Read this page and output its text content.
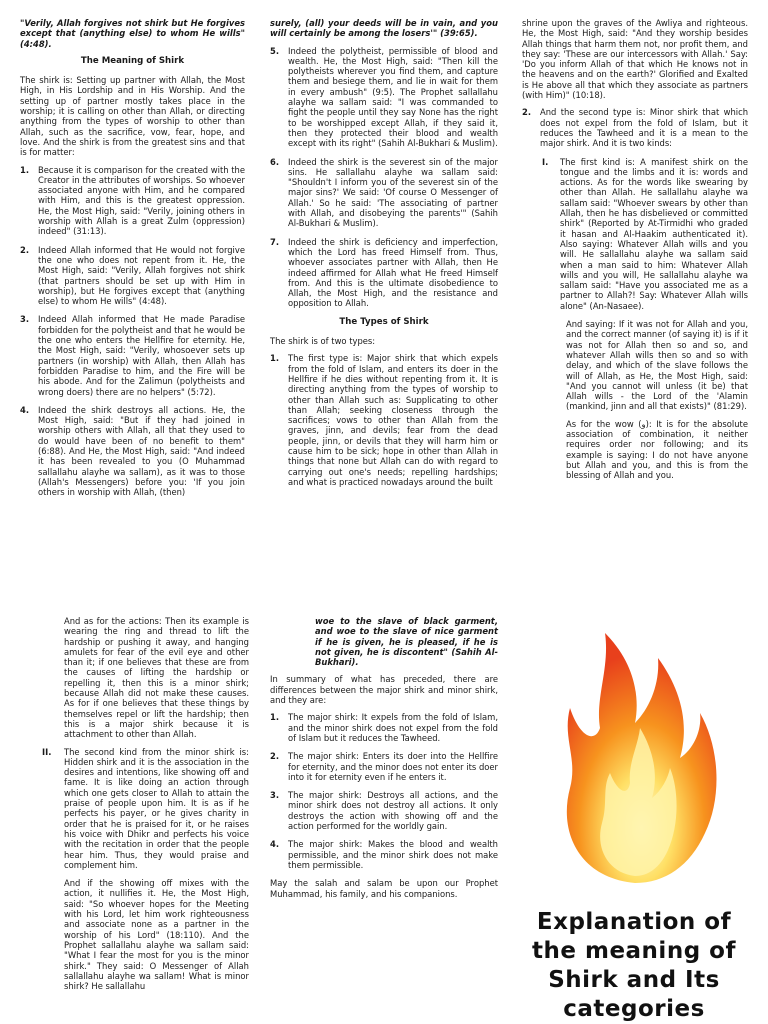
"Verily, Allah forgives not shirk but He forgives except that (anything else) to whom He wills" (4:48).

The Meaning of Shirk

The shirk is: Setting up partner with Allah, the Most High, in His Lordship and in His Worship. And the setting up of partner mostly takes place in the worship; it is calling on other than Allah, or directing anything from the types of worship to other than Allah, such as the sacrifice, vow, fear, hope, and love. And the shirk is from the greatest sins and that is for matter:

1.	Because it is comparison for the created with the Creator in the attributes of worships. So whoever associated anyone with Him, and he compared with Him, and this is the greatest oppression. He, the Most High, said: "Verily, joining others in worship with Allah is a great Zulm (oppression) indeed" (31:13).
2.	Indeed Allah informed that He would not forgive the one who does not repent from it. He, the Most High, said: "Verily, Allah forgives not shirk (that partners should be set up with Him in worship), but He forgives except that (anything else) to whom He wills" (4:48).
3.	Indeed Allah informed that He made Paradise forbidden for the polytheist and that he would be the one who enters the Hellfire for eternity. He, the Most High, said: "Verily, whosoever sets up partners (in worship) with Allah, then Allah has forbidden Paradise to him, and the Fire will be his abode. And for the Zalimun (polytheists and wrong doers) there are no helpers" (5:72).
4.	Indeed the shirk destroys all actions. He, the Most High, said: "But if they had joined in worship others with Allah, all that they used to do would have been of no benefit to them" (6:88). And He, the Most High, said: "And indeed it has been revealed to you (O Muhammad sallallahu alayhe wa sallam), as it was to those (Allah's Messengers) before you: 'If you join others in worship with Allah, (then)

surely, (all) your deeds will be in vain, and you will certainly be among the losers'" (39:65).

5.	Indeed the polytheist, permissible of blood and wealth. He, the Most High, said: "Then kill the polytheists wherever you find them, and capture them and besiege them, and lie in wait for them in every ambush" (9:5). The Prophet sallallahu alayhe wa sallam said: "I was commanded to fight the people until they say None has the right to be worshipped except Allah, if they said it, then they protected their blood and wealth except with its right" (Sahih Al-Bukhari & Muslim).
6.	Indeed the shirk is the severest sin of the major sins. He sallallahu alayhe wa sallam said: "Shouldn't I inform you of the severest sin of the major sins?' We said: 'Of course O Messenger of Allah.' So he said: 'The associating of partner with Allah, and disobeying the parents'" (Sahih Al-Bukhari & Muslim).
7.	Indeed the shirk is deficiency and imperfection, which the Lord has freed Himself from. Thus, whoever associates partner with Allah, then He indeed affirmed for Allah what He freed Himself from. And this is the ultimate disobedience to Allah, the Most High, and the resistance and opposition to Allah.
The Types of Shirk

The shirk is of two types:

1.	The first type is: Major shirk that which expels from the fold of Islam, and enters its doer in the Hellfire if he dies without repenting from it. It is directing anything from the types of worship to other than Allah such as: Supplicating to other than Allah; seeking closeness through the sacrifices; vows to other than Allah from the graves, jinn, and devils; fear from the dead people, jinn, or devils that they will harm him or cause him to be sick; hope in other than Allah in things that none but Allah can do with regard to carrying out one's needs; repelling hardships; and what is practiced nowadays around the built

shrine upon the graves of the Awliya and righteous. He, the Most High, said: "And they worship besides Allah things that harm them not, nor profit them, and they say: 'These are our intercessors with Allah.' Say: 'Do you inform Allah of that which He knows not in the heavens and on the earth?' Glorified and Exalted is He above all that which they associate as partners (with Him)" (10:18).

2.	And the second type is: Minor shirk that which does not expel from the fold of Islam, but it reduces the Tawheed and it is a mean to the major shirk. And it is two kinds:
I.	The first kind is: A manifest shirk on the tongue and the limbs and it is: words and actions. As for the words like swearing by other than Allah. He sallallahu alayhe wa sallam said: "Whoever swears by other than Allah, then he has disbelieved or committed shirk" (Reported by At-Tirmidhi who graded it hasan and Al-Haakim authenticated it). Also saying: Whatever Allah wills and you will. He sallallahu alayhe wa sallam said when a man said to him: Whatever Allah wills and you will, He sallallahu alayhe wa sallam said: "Have you associated me as a partner to Allah?! Say: Whatever Allah wills alone" (An-Nasaee).

And saying: If it was not for Allah and you, and the correct manner (of saying it) is if it was not for Allah then so and so, and whatever Allah wills then so and so with delay, and which of the slave follows the will of Allah, as He, the Most High, said: "And you cannot will unless (it be) that Allah wills - the Lord of the 'Alamin (mankind, jinn and all that exists)" (81:29).

As for the wow (و): It is for the absolute association of combination, it neither requires order nor following; and its example is saying: I do not have anyone but Allah and you, and this is from the blessing of Allah and you.

And as for the actions: Then its example is wearing the ring and thread to lift the hardship or pushing it away, and hanging amulets for fear of the evil eye and other than it; if one believes that these are from the causes of lifting the hardship or repelling it, then this is a minor shirk; because Allah did not make these causes. As for if one believes that these things by themselves repel or lift the hardship; then this is a major shirk because it is attachment to other than Allah.

II.	The second kind from the minor shirk is: Hidden shirk and it is the association in the desires and intentions, like showing off and fame. It is like doing an action through which one gets closer to Allah to attain the praise of people upon him. It is as if he perfects his payer, or he gives charity in order that he is praised for it, or he raises his voice with Dhikr and perfects his voice with the recitation in order that the people hear him. Thus, they would praise and complement him.

And if the showing off mixes with the action, it nullifies it. He, the Most High, said: "So whoever hopes for the Meeting with his Lord, let him work righteousness and associate none as a partner in the worship of his Lord" (18:110). And the Prophet sallallahu alayhe wa sallam said: "What I fear the most for you is the minor shirk." They said: O Messenger of Allah sallallahu alayhe wa sallam! What is minor shirk? He sallallahu

woe to the slave of black garment, and woe to the slave of nice garment if he is given, he is pleased, if he is not given, he is discontent" (Sahih Al-Bukhari).

In summary of what has preceded, there are differences between the major shirk and minor shirk, and they are:

1.	The major shirk: It expels from the fold of Islam, and the minor shirk does not expel from the fold of Islam but it reduces the Tawheed.
2.	The major shirk: Enters its doer into the Hellfire for eternity, and the minor does not enter its doer into it for eternity even if he enters it.
3.	The major shirk: Destroys all actions, and the minor shirk does not destroy all actions. It only destroys the action with showing off and the action performed for the worldly gain.
4.	The major shirk: Makes the blood and wealth permissible, and the minor shirk does not make them permissible.

May the salah and salam be upon our Prophet Muhammad, his family, and his companions.

Explanation of
the meaning of
Shirk and Its
categories
